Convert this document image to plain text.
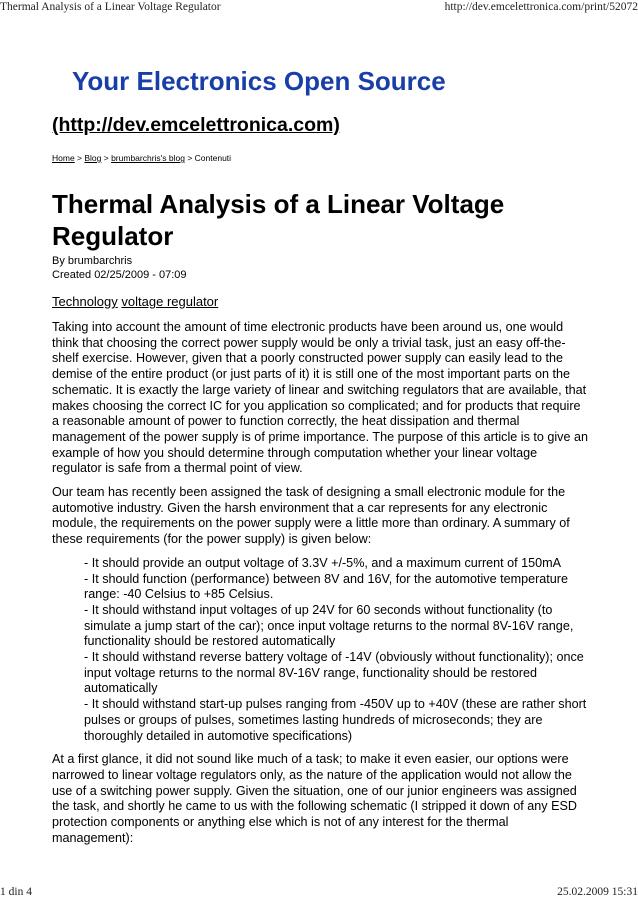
Thermal Analysis of a Linear Voltage Regulator	http://dev.emcelettronica.com/print/52072
Your Electronics Open Source
(http://dev.emcelettronica.com)
Home > Blog > brumbarchris's blog > Contenuti
Thermal Analysis of a Linear Voltage Regulator
By brumbarchris
Created 02/25/2009 - 07:09
Technology voltage regulator

Taking into account the amount of time electronic products have been around us, one would think that choosing the correct power supply would be only a trivial task, just an easy off-the-shelf exercise. However, given that a poorly constructed power supply can easily lead to the demise of the entire product (or just parts of it) it is still one of the most important parts on the schematic. It is exactly the large variety of linear and switching regulators that are available, that makes choosing the correct IC for you application so complicated; and for products that require a reasonable amount of power to function correctly, the heat dissipation and thermal management of the power supply is of prime importance. The purpose of this article is to give an example of how you should determine through computation whether your linear voltage regulator is safe from a thermal point of view.

Our team has recently been assigned the task of designing a small electronic module for the automotive industry. Given the harsh environment that a car represents for any electronic module, the requirements on the power supply were a little more than ordinary. A summary of these requirements (for the power supply) is given below:

- It should provide an output voltage of 3.3V +/-5%, and a maximum current of 150mA
- It should function (performance) between 8V and 16V, for the automotive temperature range: -40 Celsius to +85 Celsius.
- It should withstand input voltages of up 24V for 60 seconds without functionality (to simulate a jump start of the car); once input voltage returns to the normal 8V-16V range, functionality should be restored automatically
- It should withstand reverse battery voltage of -14V (obviously without functionality); once input voltage returns to the normal 8V-16V range, functionality should be restored automatically
- It should withstand start-up pulses ranging from -450V up to +40V (these are rather short pulses or groups of pulses, sometimes lasting hundreds of microseconds; they are thoroughly detailed in automotive specifications)

At a first glance, it did not sound like much of a task; to make it even easier, our options were narrowed to linear voltage regulators only, as the nature of the application would not allow the use of a switching power supply. Given the situation, one of our junior engineers was assigned the task, and shortly he came to us with the following schematic (I stripped it down of any ESD protection components or anything else which is not of any interest for the thermal management):

1 din 4	25.02.2009 15:31
